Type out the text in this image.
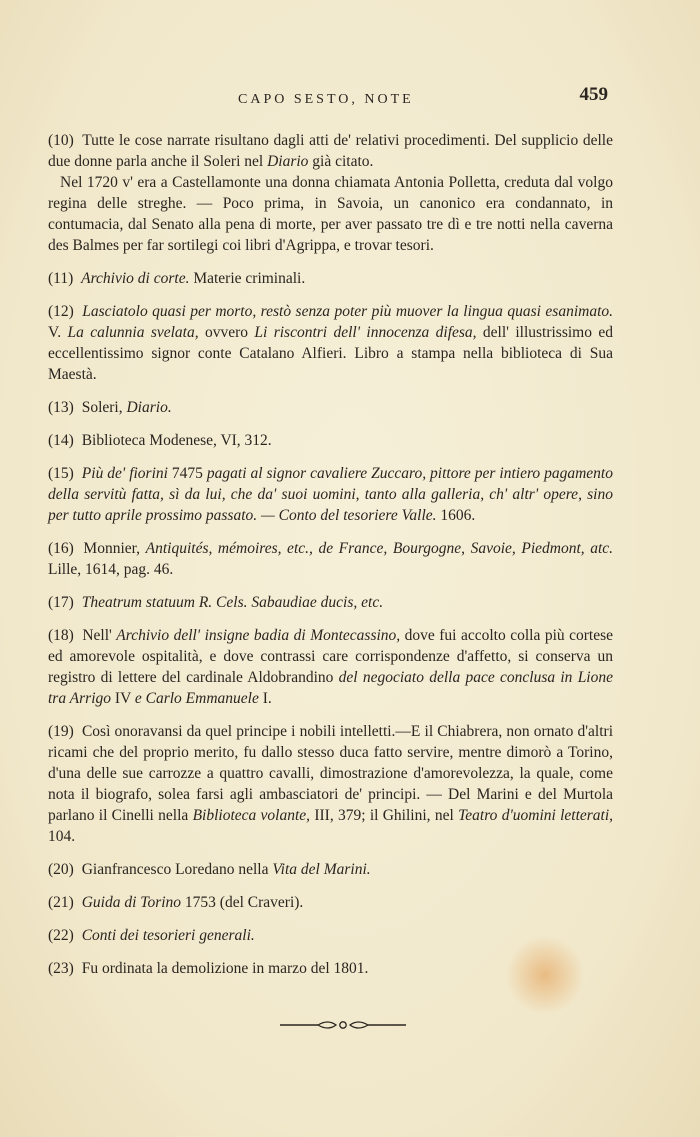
CAPO SESTO, NOTE	459
(10) Tutte le cose narrate risultano dagli atti de' relativi procedimenti. Del supplicio delle due donne parla anche il Soleri nel Diario già citato.
Nel 1720 v' era a Castellamonte una donna chiamata Antonia Polletta, creduta dal volgo regina delle streghe. — Poco prima, in Savoia, un canonico era condannato, in contumacia, dal Senato alla pena di morte, per aver passato tre dì e tre notti nella caverna des Balmes per far sortilegi coi libri d'Agrippa, e trovar tesori.
(11) Archivio di corte. Materie criminali.
(12) Lasciatolo quasi per morto, restò senza poter più muover la lingua quasi esanimato. V. La calunnia svelata, ovvero Li riscontri dell' innocenza difesa, dell' illustrissimo ed eccellentissimo signor conte Catalano Alfieri. Libro a stampa nella biblioteca di Sua Maestà.
(13) Soleri, Diario.
(14) Biblioteca Modenese, VI, 312.
(15) Più de' fiorini 7475 pagati al signor cavaliere Zuccaro, pittore per intiero pagamento della servitù fatta, sì da lui, che da' suoi uomini, tanto alla galleria, ch' altr' opere, sino per tutto aprile prossimo passato. — Conto del tesoriere Valle. 1606.
(16) Monnier, Antiquités, mémoires, etc., de France, Bourgogne, Savoie, Piedmont, atc. Lille, 1614, pag. 46.
(17) Theatrum statuum R. Cels. Sabaudiae ducis, etc.
(18) Nell' Archivio dell' insigne badia di Montecassino, dove fui accolto colla più cortese ed amorevole ospitalità, e dove contrassi care corrispondenze d'affetto, si conserva un registro di lettere del cardinale Aldobrandino del negociato della pace conclusa in Lione tra Arrigo IV e Carlo Emmanuele I.
(19) Così onoravansi da quel principe i nobili intelletti.—E il Chiabrera, non ornato d'altri ricami che del proprio merito, fu dallo stesso duca fatto servire, mentre dimorò a Torino, d'una delle sue carrozze a quattro cavalli, dimostrazione d'amorevolezza, la quale, come nota il biografo, solea farsi agli ambasciatori de' principi. — Del Marini e del Murtola parlano il Cinelli nella Biblioteca volante, III, 379; il Ghilini, nel Teatro d'uomini letterati, 104.
(20) Gianfrancesco Loredano nella Vita del Marini.
(21) Guida di Torino 1753 (del Craveri).
(22) Conti dei tesorieri generali.
(23) Fu ordinata la demolizione in marzo del 1801.
